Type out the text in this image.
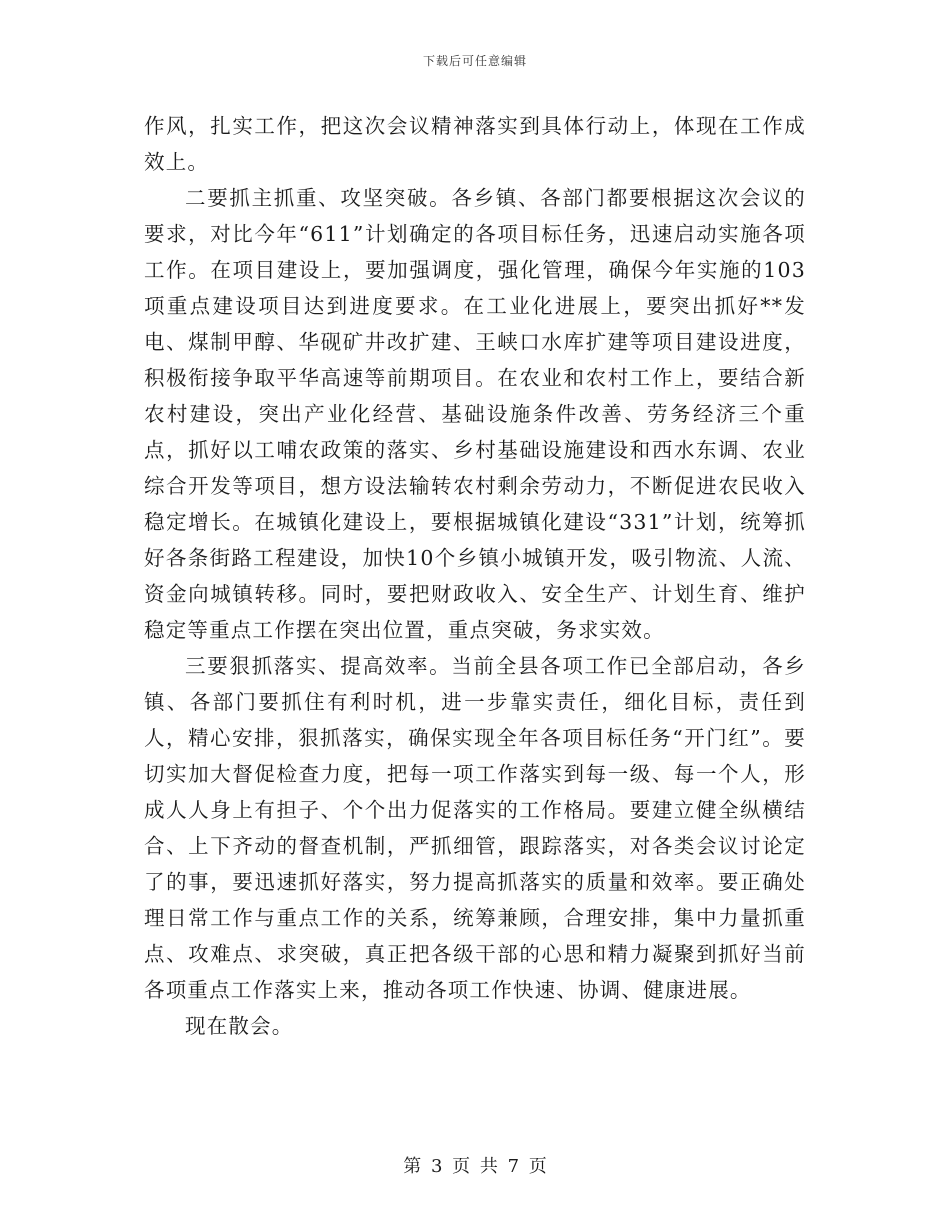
下载后可任意编辑

作风，扎实工作，把这次会议精神落实到具体行动上，体现在工作成效上。

二要抓主抓重、攻坚突破。各乡镇、各部门都要根据这次会议的要求，对比今年“611”计划确定的各项目标任务，迅速启动实施各项工作。在项目建设上，要加强调度，强化管理，确保今年实施的103项重点建设项目达到进度要求。在工业化进展上，要突出抓好**发电、煤制甲醇、华砚矿井改扩建、王峡口水库扩建等项目建设进度，积极衔接争取平华高速等前期项目。在农业和农村工作上，要结合新农村建设，突出产业化经营、基础设施条件改善、劳务经济三个重点，抓好以工哺农政策的落实、乡村基础设施建设和西水东调、农业综合开发等项目，想方设法输转农村剩余劳动力，不断促进农民收入稳定增长。在城镇化建设上，要根据城镇化建设“331”计划，统筹抓好各条街路工程建设，加快10个乡镇小城镇开发，吸引物流、人流、资金向城镇转移。同时，要把财政收入、安全生产、计划生育、维护稳定等重点工作摆在突出位置，重点突破，务求实效。

三要狠抓落实、提高效率。当前全县各项工作已全部启动，各乡镇、各部门要抓住有利时机，进一步靠实责任，细化目标，责任到人，精心安排，狠抓落实，确保实现全年各项目标任务“开门红”。要切实加大督促检查力度，把每一项工作落实到每一级、每一个人，形成人人身上有担子、个个出力促落实的工作格局。要建立健全纵横结合、上下齐动的督查机制，严抓细管，跟踪落实，对各类会议讨论定了的事，要迅速抓好落实，努力提高抓落实的质量和效率。要正确处理日常工作与重点工作的关系，统筹兼顾，合理安排，集中力量抓重点、攻难点、求突破，真正把各级干部的心思和精力凝聚到抓好当前各项重点工作落实上来，推动各项工作快速、协调、健康进展。

现在散会。

第 3 页 共 7 页
